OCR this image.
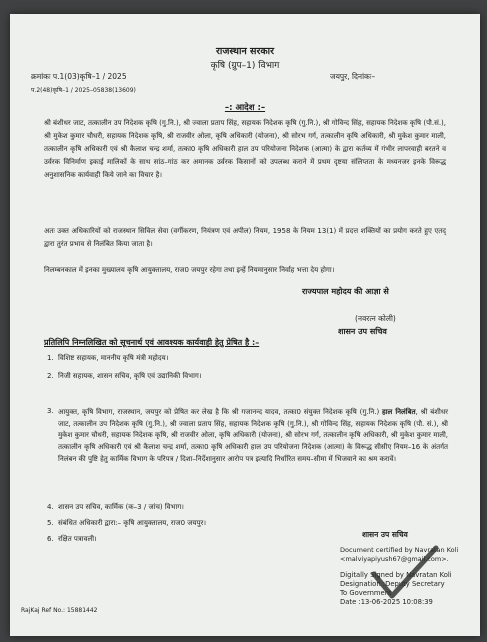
राजस्थान सरकार
कृषि (ग्रुप–1) विभाग
क्रमांकः प.1(03)कृषि–1 / 2025
प.2(48)कृषि–1 / 2025–05838(13609)
जयपुर, दिनांकः–
–: आदेश :–
श्री बंशीधर जाट, तत्कालीन उप निदेशक कृषि (गु.नि.), श्री ज्वाला प्रताप सिंह, सहायक निदेशक कृषि (गु.नि.), श्री गोविन्द सिंह, सहायक निदेशक कृषि (पौ.सं.), श्री मुकेश कुमार चौधरी, सहायक निदेशक कृषि, श्री राजवीर ओला, कृषि अधिकारी (योजना), श्री सोरभ गर्ग, तत्कालीन कृषि अधिकारी, श्री मुकेश कुमार माली, तत्कालीन कृषि अधिकारी एवं श्री कैलाश चन्द्र शर्मा, तत्का0 कृषि अधिकारी हाल उप परियोजना निदेशक (आत्मा) के द्वारा कर्तव्य में गंभीर लापरवाही बरतने व उर्वरक विनिर्माण इकाई मालिकों के साथ सांठ–गांठ कर अमानक उर्वरक किसानों को उपलब्ध कराने में प्रथम दृष्टया संलिप्तता के मध्यनजर इनके विरूद्ध अनुशासनिक कार्यवाही किये जाने का विचार है।
अतः उक्त अधिकारियों को राजस्थान सिविल सेवा (वर्गीकरण, नियंत्रण एवं अपील) नियम, 1958 के नियम 13(1) में प्रदत्त शक्तियों का प्रयोग करते हुए एतद् द्वारा तुरंत प्रभाव से निलंबित किया जाता है।
निलम्बनकाल में इनका मुख्यालय कृषि आयुक्तालय, राज0 जयपुर रहेगा तथा इन्हें नियमानुसार निर्वाह भत्ता देय होगा।
राज्यपाल महोदय की आज्ञा से
(नवरत्न कोली)
शासन उप सचिव
प्रतिलिपि निम्नलिखित को सूचनार्थ एवं आवश्यक कार्यवाही हेतु प्रेषित है :–
1. विशिष्ट सहायक, माननीय कृषि मंत्री महोदय।
2. निजी सहायक, शासन सचिव, कृषि एवं उद्यानिकी विभाग।
3. आयुक्त, कृषि विभाग, राजस्थान, जयपुर को प्रेषित कर लेख है कि श्री गजानन्द यादव, तत्का0 संयुक्त निदेशक कृषि (गु.नि.) हाल निलंबित, श्री बंशीधर जाट, तत्कालीन उप निदेशक कृषि (गु.नि.), श्री ज्वाला प्रताप सिंह, सहायक निदेशक कृषि (गु.नि.), श्री गोविन्द सिंह, सहायक निदेशक कृषि (पौ. सं.), श्री मुकेश कुमार चौधरी, सहायक निदेशक कृषि, श्री राजवीर ओला, कृषि अधिकारी (योजना), श्री सोरभ गर्ग, तत्कालीन कृषि अधिकारी, श्री मुकेश कुमार माली, तत्कालीन कृषि अधिकारी एवं श्री कैलाश चन्द्र शर्मा, तत्का0 कृषि अधिकारी हाल उप परियोजना निदेशक (आत्मा) के विरूद्ध सीसीए नियम–16 के अंतर्गत निलंबन की पुष्टि हेतु कार्मिक विभाग के परिपत्र / दिशा–निर्देशानुसार आरोप पत्र इत्यादि निर्धारित समय–सीमा में भिजवाने का श्रम करावें।
4. शासन उप सचिव, कार्मिक (क–3 / जांच) विभाग।
5. संबंधित अधिकारी द्वारा:– कृषि आयुक्तालय, राज0 जयपुर।
6. रक्षित पत्रावली।	शासन उप सचिव
Document certified by Navratan Koli
<malviyapiyush67@gmail.com>.
Digitally Signed by Navratan Koli
Designation :Deputy Secretary
To Government
Date :13-06-2025 10:08:39
RajKaj Ref No.: 15881442
